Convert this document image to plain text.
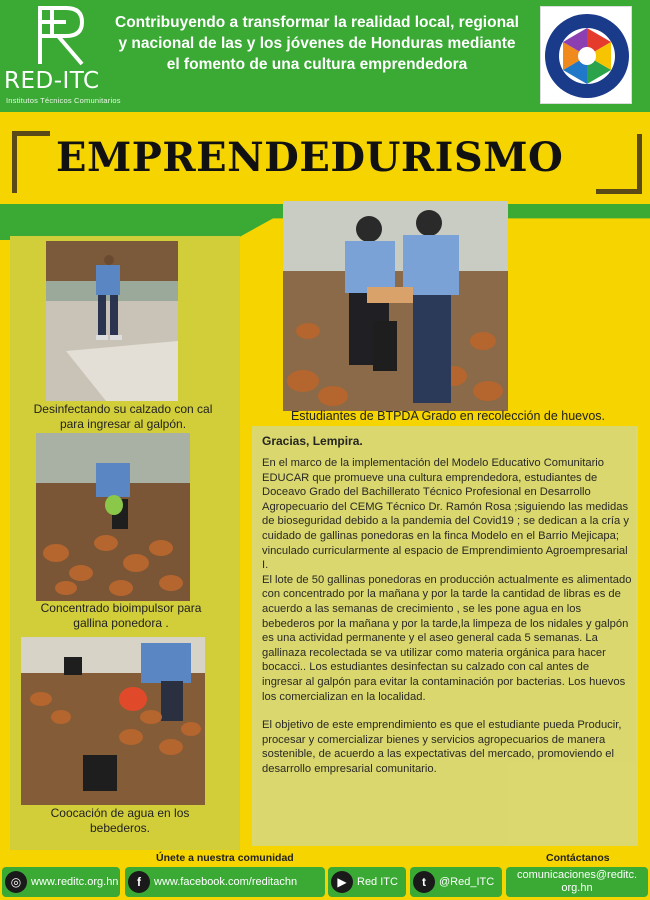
RED-ITC
Institutos Técnicos Comunitarios
Contribuyendo a transformar la realidad local, regional y nacional de las y los jóvenes de Honduras mediante el fomento de una cultura emprendedora
EMPRENDEDURISMO
Desinfectando su calzado con cal para ingresar al galpón.
Concentrado bioimpulsor para gallina ponedora .
Coocación de agua en los bebederos.
Estudiantes de BTPDA Grado en recolección de huevos.
Gracias, Lempira.

En el marco de la implementación del Modelo Educativo Comunitario EDUCAR que promueve una cultura emprendedora, estudiantes de Doceavo Grado del Bachillerato Técnico Profesional en Desarrollo Agropecuario del CEMG Técnico Dr. Ramón Rosa ;siguiendo las medidas de bioseguridad debido a la pandemia del Covid19 ; se dedican a la cría y cuidado de gallinas ponedoras en la finca Modelo en el Barrio Mejicapa; vinculado curricularmente al espacio de Emprendimiento Agroempresarial I.

El lote de 50 gallinas ponedoras en producción actualmente es alimentado con concentrado por la mañana y por la tarde la cantidad de libras es de acuerdo a las semanas de crecimiento , se les pone agua en los bebederos por la mañana y por la tarde,la limpeza de los nidales y galpón es una actividad permanente y el aseo general cada 5 semanas. La gallinaza recolectada se va utilizar como materia orgánica para hacer bocacci.. Los estudiantes desinfectan su calzado con cal antes de ingresar al galpón para evitar la contaminación por bacterias. Los huevos los comercializan en la localidad.

El objetivo de este emprendimiento es que el estudiante pueda Producir, procesar y comercializar bienes y servicios agropecuarios de manera sostenible, de acuerdo a las expectativas del mercado, promoviendo el desarrollo empresarial comunitario.

Únete a nuestra comunidad	Contáctanos
◎ www.reditc.org.hn	f	www.facebook.com/reditachn	▶ Red ITC	t	@Red_ITC
comunicaciones@reditc.
org.hn
